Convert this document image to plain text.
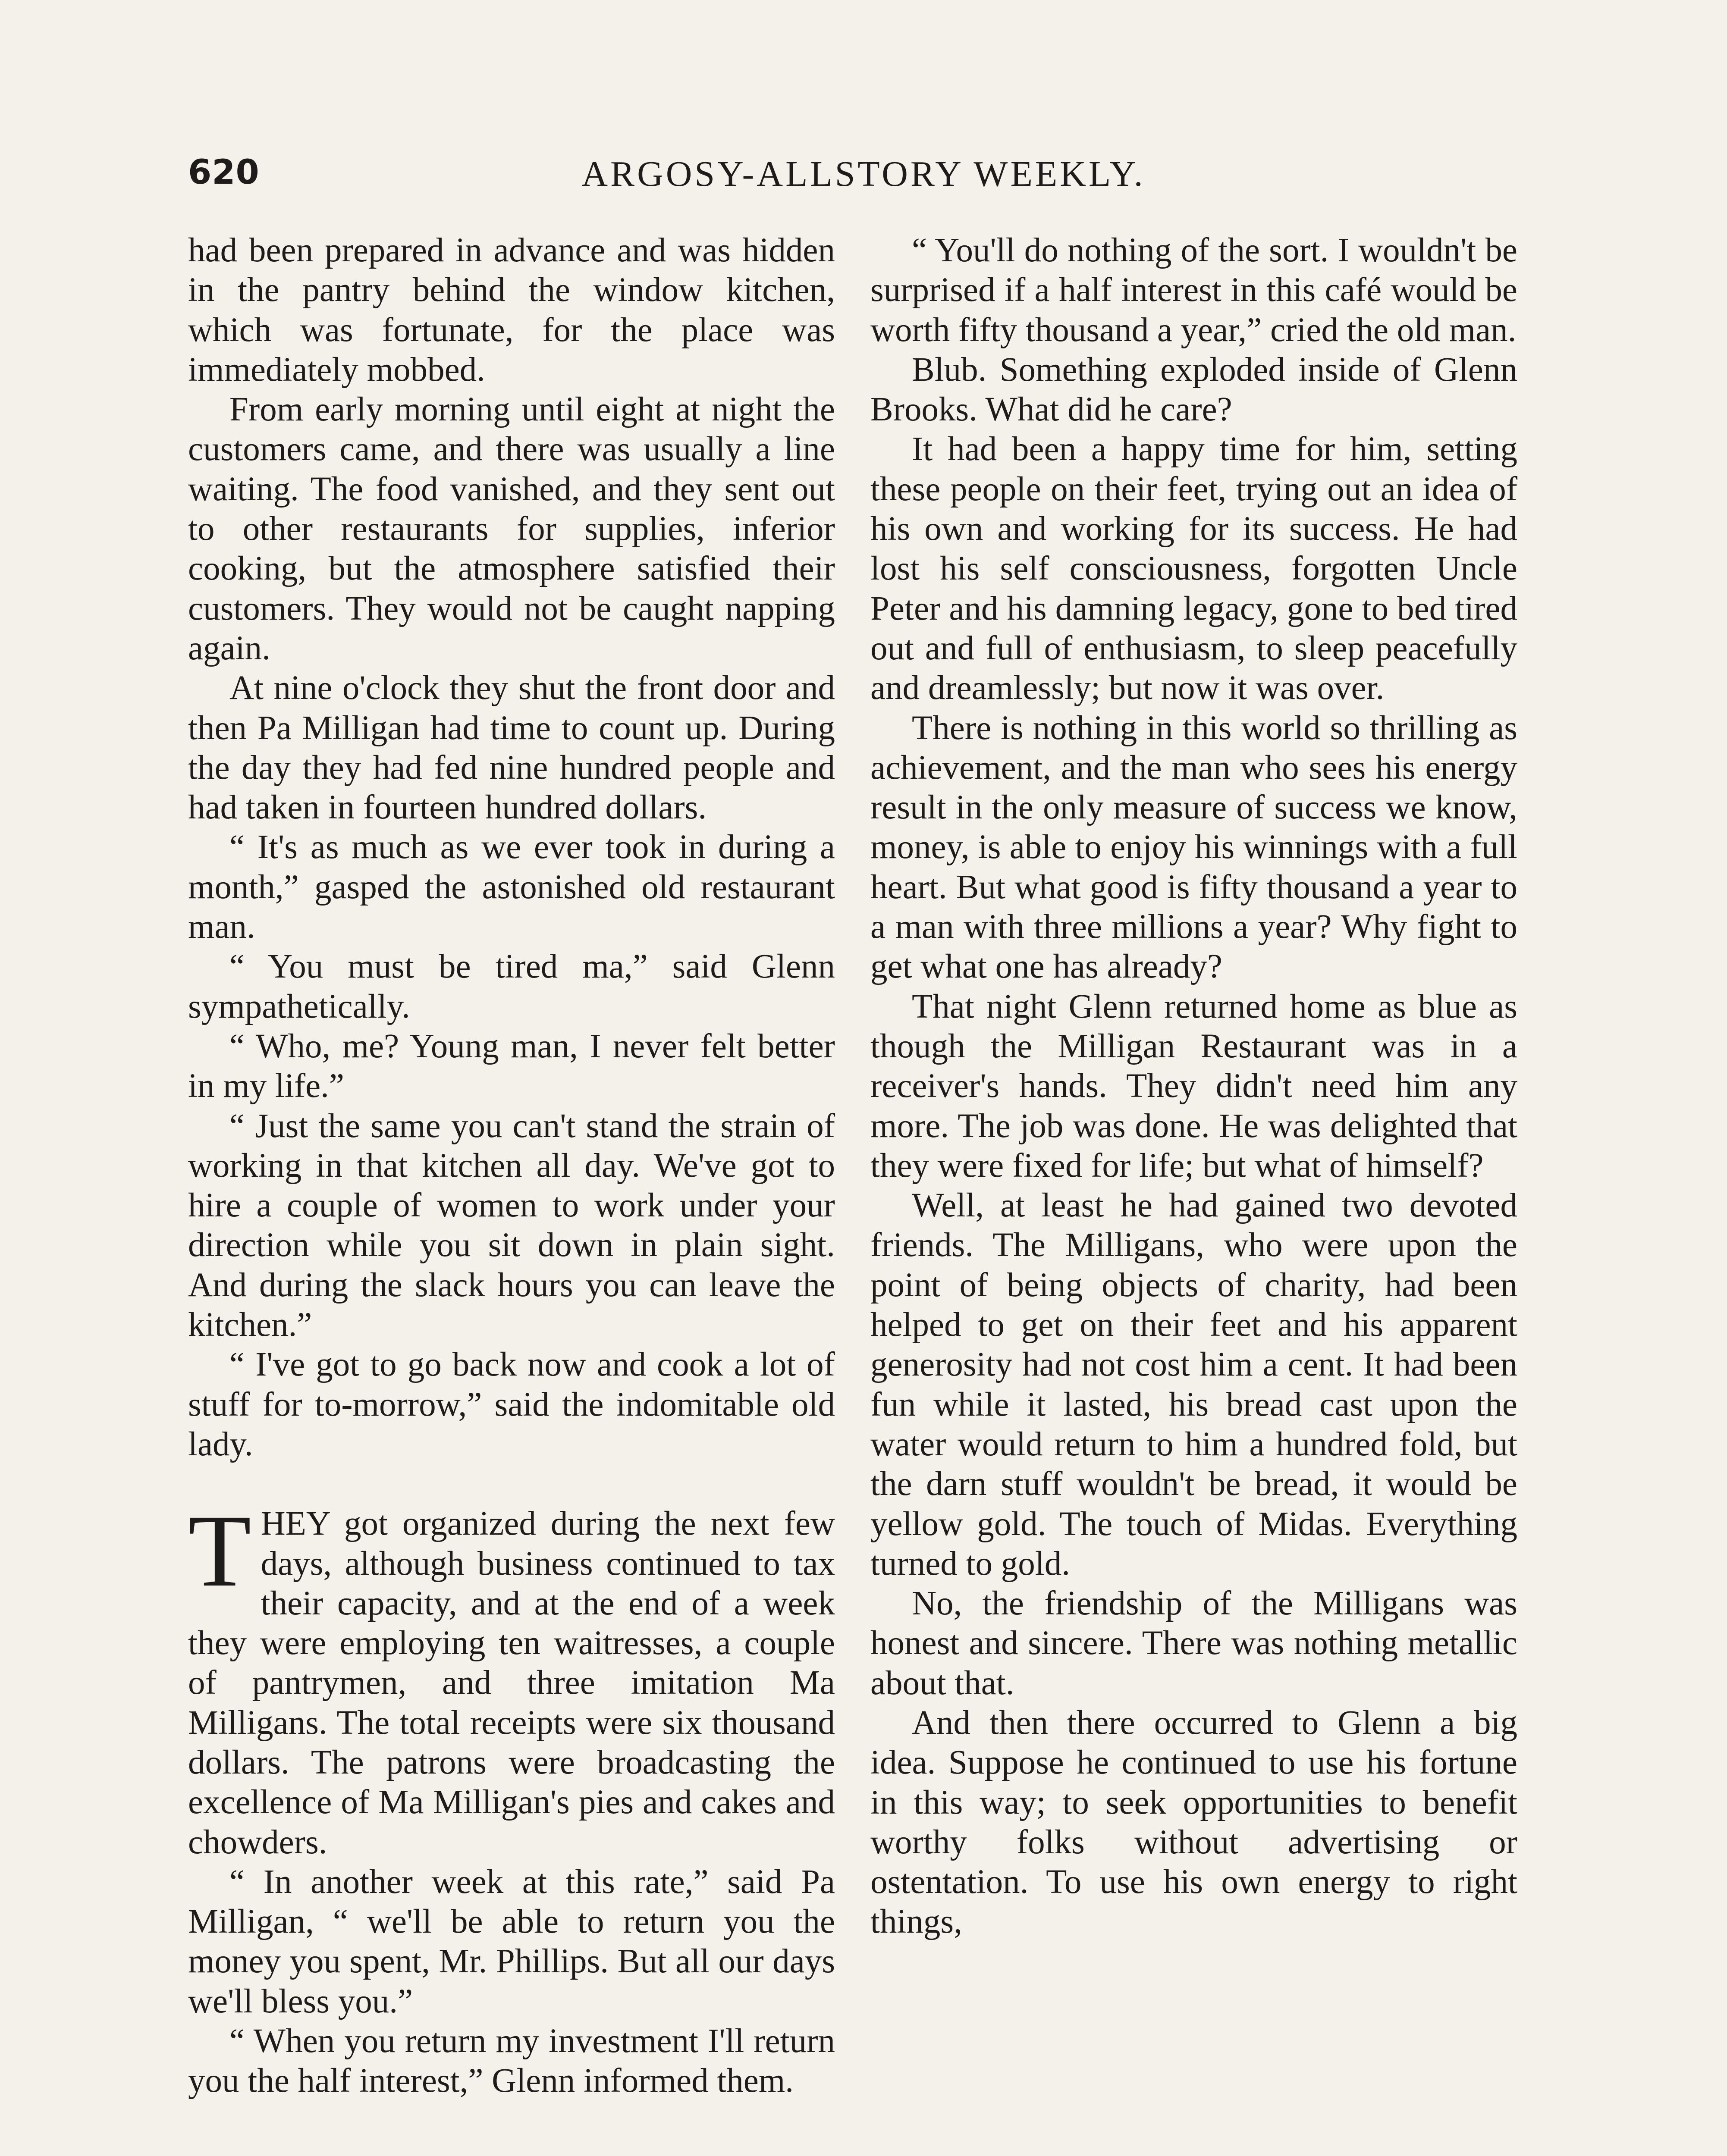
620	ARGOSY-ALLSTORY WEEKLY.

had been prepared in advance and was hidden in the pantry behind the window kitchen, which was fortunate, for the place was immediately mobbed.

From early morning until eight at night the customers came, and there was usually a line waiting. The food vanished, and they sent out to other restaurants for supplies, inferior cooking, but the atmosphere satisfied their customers. They would not be caught napping again.

At nine o'clock they shut the front door and then Pa Milligan had time to count up. During the day they had fed nine hundred people and had taken in fourteen hundred dollars.

“ It's as much as we ever took in during a month,” gasped the astonished old restaurant man.

“ You must be tired ma,” said Glenn sympathetically.

“ Who, me? Young man, I never felt better in my life.”

“ Just the same you can't stand the strain of working in that kitchen all day. We've got to hire a couple of women to work under your direction while you sit down in plain sight. And during the slack hours you can leave the kitchen.”

“ I've got to go back now and cook a lot of stuff for to-morrow,” said the indomitable old lady.

THEY got organized during the next few days, although business continued to tax their capacity, and at the end of a week they were employing ten waitresses, a couple of pantrymen, and three imitation Ma Milligans. The total receipts were six thousand dollars. The patrons were broadcasting the excellence of Ma Milligan's pies and cakes and chowders.

“ In another week at this rate,” said Pa Milligan, “ we'll be able to return you the money you spent, Mr. Phillips. But all our days we'll bless you.”

“ When you return my investment I'll return you the half interest,” Glenn informed them.

“ You'll do nothing of the sort. I wouldn't be surprised if a half interest in this café would be worth fifty thousand a year,” cried the old man.

Blub. Something exploded inside of Glenn Brooks. What did he care?

It had been a happy time for him, setting these people on their feet, trying out an idea of his own and working for its success. He had lost his self consciousness, forgotten Uncle Peter and his damning legacy, gone to bed tired out and full of enthusiasm, to sleep peacefully and dreamlessly; but now it was over.

There is nothing in this world so thrilling as achievement, and the man who sees his energy result in the only measure of success we know, money, is able to enjoy his winnings with a full heart. But what good is fifty thousand a year to a man with three millions a year? Why fight to get what one has already?

That night Glenn returned home as blue as though the Milligan Restaurant was in a receiver's hands. They didn't need him any more. The job was done. He was delighted that they were fixed for life; but what of himself?

Well, at least he had gained two devoted friends. The Milligans, who were upon the point of being objects of charity, had been helped to get on their feet and his apparent generosity had not cost him a cent. It had been fun while it lasted, his bread cast upon the water would return to him a hundred fold, but the darn stuff wouldn't be bread, it would be yellow gold. The touch of Midas. Everything turned to gold.

No, the friendship of the Milligans was honest and sincere. There was nothing metallic about that.

And then there occurred to Glenn a big idea. Suppose he continued to use his fortune in this way; to seek opportunities to benefit worthy folks without advertising or ostentation. To use his own energy to right things,
